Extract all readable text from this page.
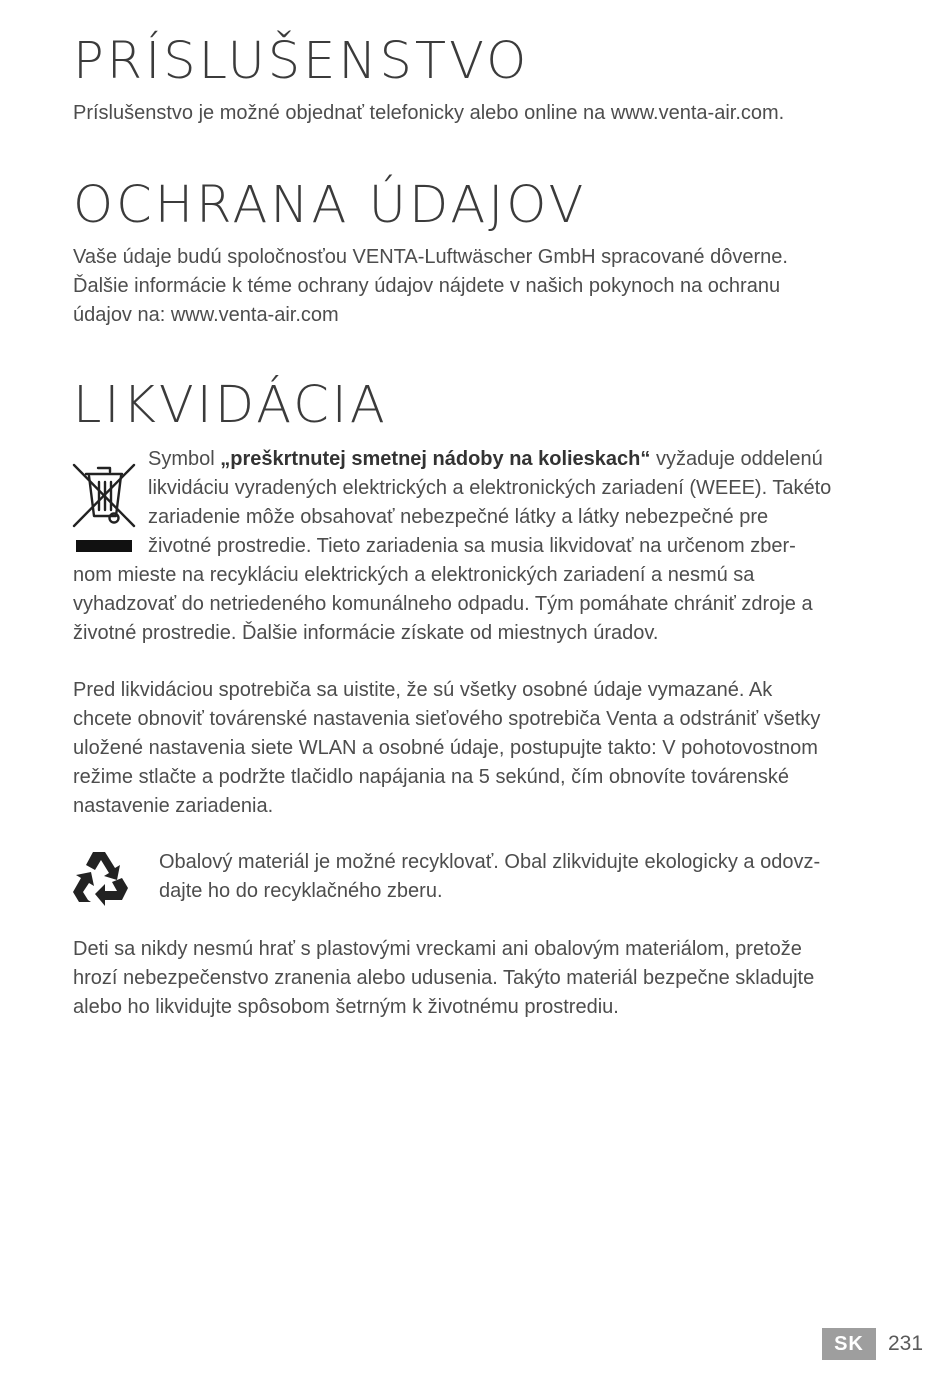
PRÍSLUŠENSTVO

Príslušenstvo je možné objednať telefonicky alebo online na www.venta-air.com.

OCHRANA ÚDAJOV

Vaše údaje budú spoločnosťou VENTA-Luftwäscher GmbH spracované dôverne.
Ďalšie informácie k téme ochrany údajov nájdete v našich pokynoch na ochranu
údajov na: www.venta-air.com

LIKVIDÁCIA

Symbol „preškrtnutej smetnej nádoby na kolieskach“ vyžaduje oddelenú
likvidáciu vyradených elektrických a elektronických zariadení (WEEE). Takéto
zariadenie môže obsahovať nebezpečné látky a látky nebezpečné pre
životné prostredie. Tieto zariadenia sa musia likvidovať na určenom zber-

nom mieste na recykláciu elektrických a elektronických zariadení a nesmú sa
vyhadzovať do netriedeného komunálneho odpadu. Tým pomáhate chrániť zdroje a
životné prostredie. Ďalšie informácie získate od miestnych úradov.

Pred likvidáciou spotrebiča sa uistite, že sú všetky osobné údaje vymazané. Ak
chcete obnoviť továrenské nastavenia sieťového spotrebiča Venta a odstrániť všetky
uložené nastavenia siete WLAN a osobné údaje, postupujte takto: V pohotovostnom
režime stlačte a podržte tlačidlo napájania na 5 sekúnd, čím obnovíte továrenské
nastavenie zariadenia.

Obalový materiál je možné recyklovať. Obal zlikvidujte ekologicky a odovz-
dajte ho do recyklačného zberu.

Deti sa nikdy nesmú hrať s plastovými vreckami ani obalovým materiálom, pretože
hrozí nebezpečenstvo zranenia alebo udusenia. Takýto materiál bezpečne skladujte
alebo ho likvidujte spôsobom šetrným k životnému prostrediu.

SK	231
